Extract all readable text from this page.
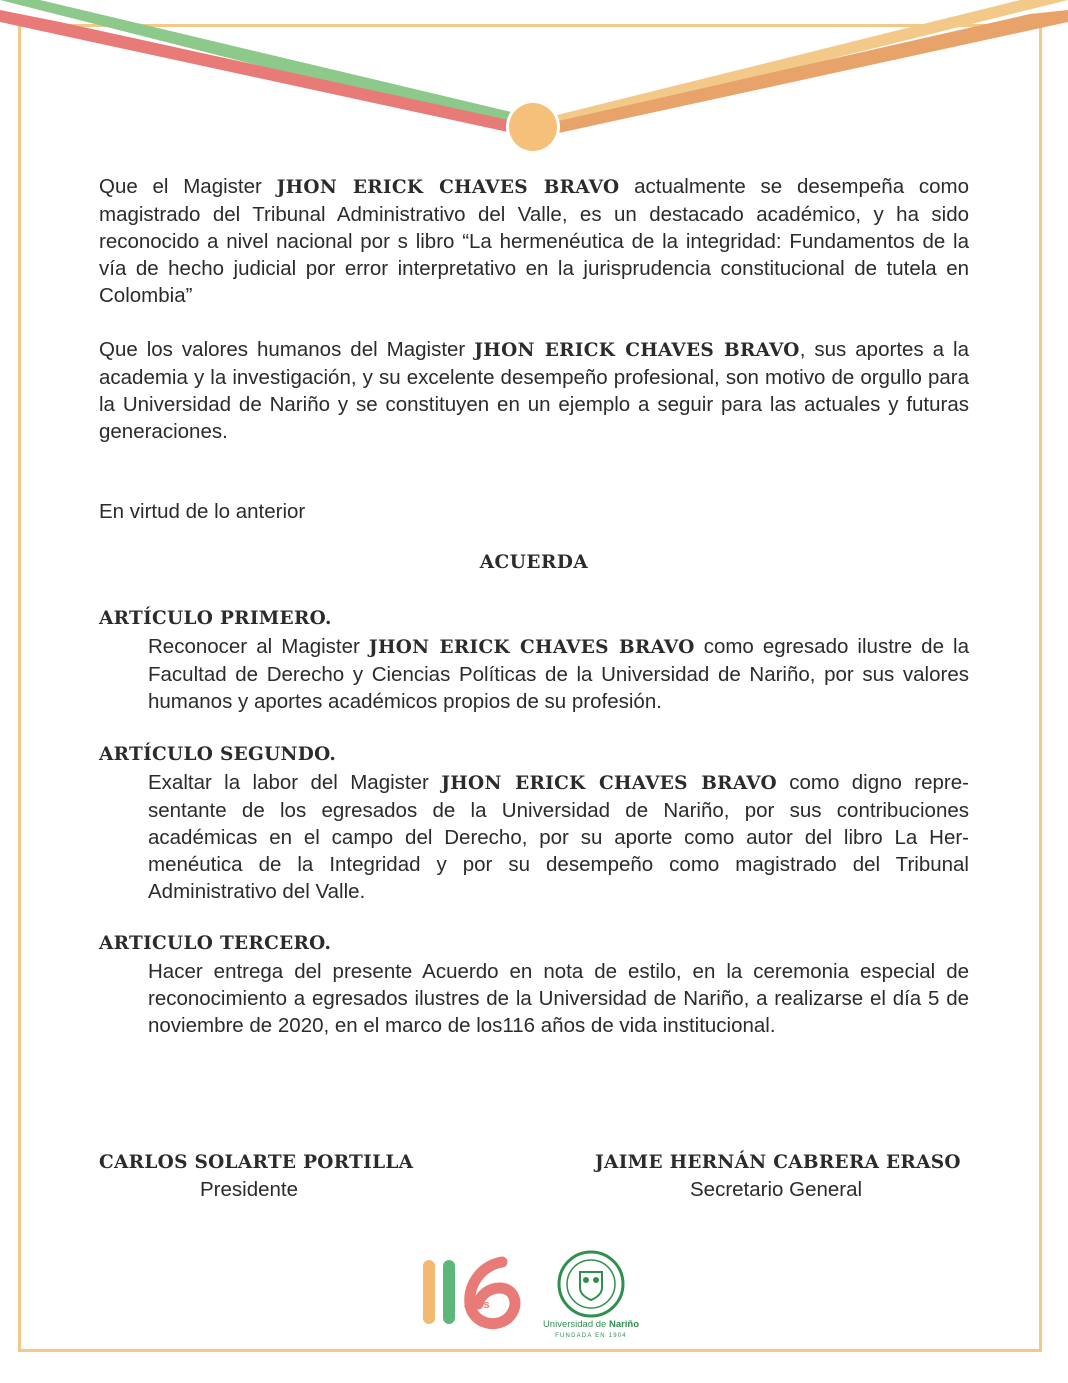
Que el Magister JHON ERICK CHAVES BRAVO actualmente se desempeña como magistrado del Tribunal Administrativo del Valle, es un destacado académico, y ha sido reconocido a nivel nacional por s libro “La hermenéutica de la integridad: Fundamentos de la vía de hecho judicial por error interpretativo en la jurisprudencia constitucional de tutela en Colombia”

Que los valores humanos del Magister JHON ERICK CHAVES BRAVO, sus aportes a la academia y la investigación, y su excelente desempeño profesional, son motivo de orgullo para la Universidad de Nariño y se constituyen en un ejemplo a seguir para las actuales y futuras generaciones.

En virtud de lo anterior

ACUERDA

ARTÍCULO PRIMERO.

Reconocer al Magister JHON ERICK CHAVES BRAVO como egresado ilustre de la Facultad de Derecho y Ciencias Políticas de la Universidad de Nariño, por sus valores humanos y aportes académicos propios de su profesión.

ARTÍCULO SEGUNDO.

Exaltar la labor del Magister JHON ERICK CHAVES BRAVO como digno repre-sentante de los egresados de la Universidad de Nariño, por sus contribuciones académicas en el campo del Derecho, por su aporte como autor del libro La Her-menéutica de la Integridad y por su desempeño como magistrado del Tribunal Administrativo del Valle.

ARTICULO TERCERO.

Hacer entrega del presente Acuerdo en nota de estilo, en la ceremonia especial de reconocimiento a egresados ilustres de la Universidad de Nariño, a realizarse el día 5 de noviembre de 2020, en el marco de los116 años de vida institucional.

CARLOS SOLARTE PORTILLA
Presidente
JAIME HERNÁN CABRERA ERASO
Secretario General
años
Universidad de Nariño
FUNDADA EN 1904
